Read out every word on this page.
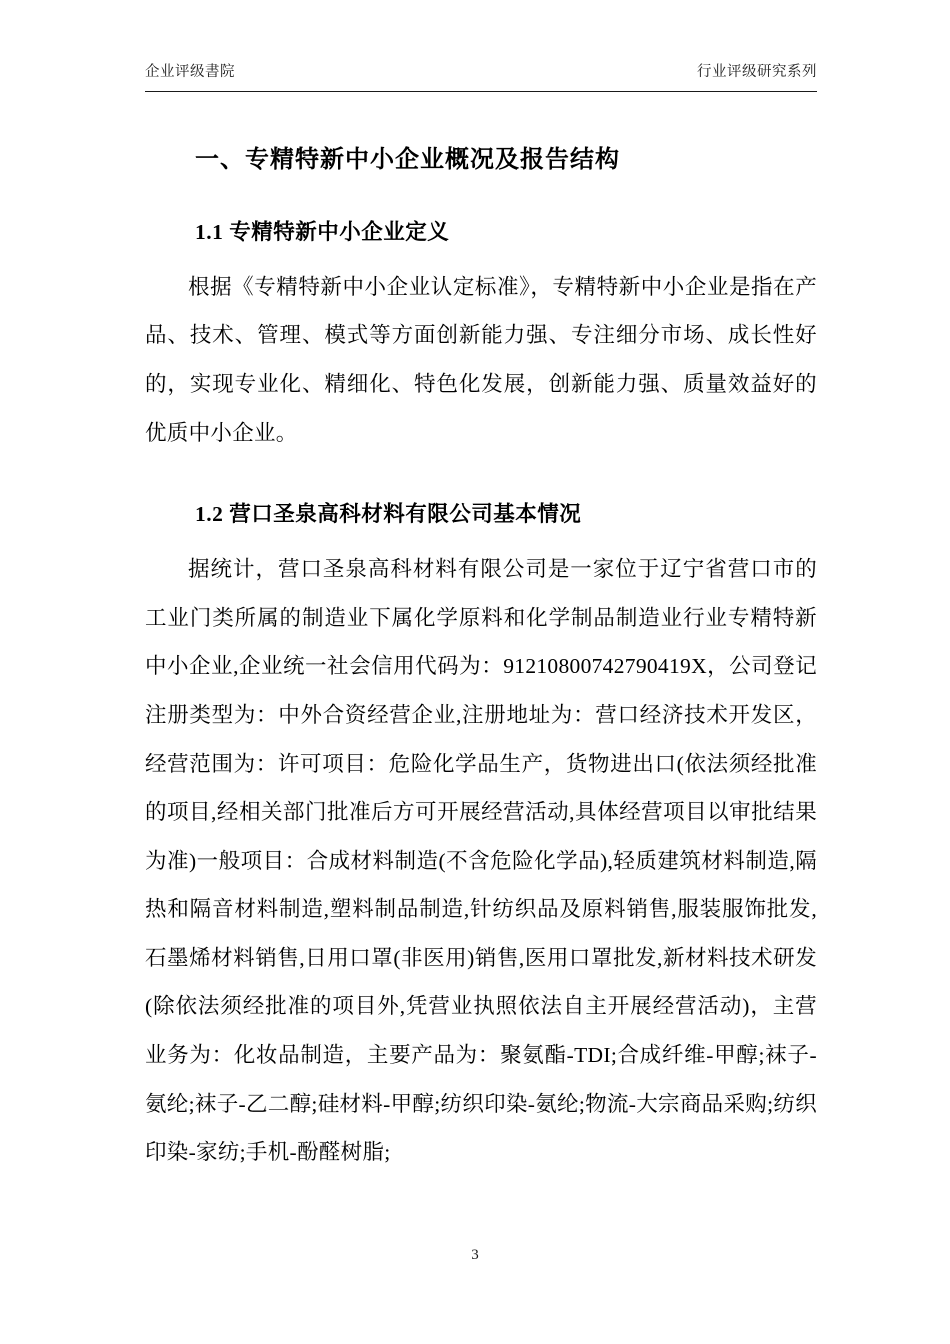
企业评级書院	行业评级研究系列
一、专精特新中小企业概况及报告结构
1.1 专精特新中小企业定义

根据《专精特新中小企业认定标准》，专精特新中小企业是指在产品、技术、管理、模式等方面创新能力强、专注细分市场、成长性好的，实现专业化、精细化、特色化发展，创新能力强、质量效益好的优质中小企业。

1.2 营口圣泉高科材料有限公司基本情况

据统计，营口圣泉高科材料有限公司是一家位于辽宁省营口市的工业门类所属的制造业下属化学原料和化学制品制造业行业专精特新中小企业,企业统一社会信用代码为：91210800742790419X，公司登记注册类型为：中外合资经营企业,注册地址为：营口经济技术开发区，经营范围为：许可项目：危险化学品生产，货物进出口(依法须经批准的项目,经相关部门批准后方可开展经营活动,具体经营项目以审批结果为准)一般项目：合成材料制造(不含危险化学品),轻质建筑材料制造,隔热和隔音材料制造,塑料制品制造,针纺织品及原料销售,服装服饰批发,石墨烯材料销售,日用口罩(非医用)销售,医用口罩批发,新材料技术研发(除依法须经批准的项目外,凭营业执照依法自主开展经营活动)，主营业务为：化妆品制造，主要产品为：聚氨酯-TDI;合成纤维-甲醇;袜子-氨纶;袜子-乙二醇;硅材料-甲醇;纺织印染-氨纶;物流-大宗商品采购;纺织印染-家纺;手机-酚醛树脂;

3
